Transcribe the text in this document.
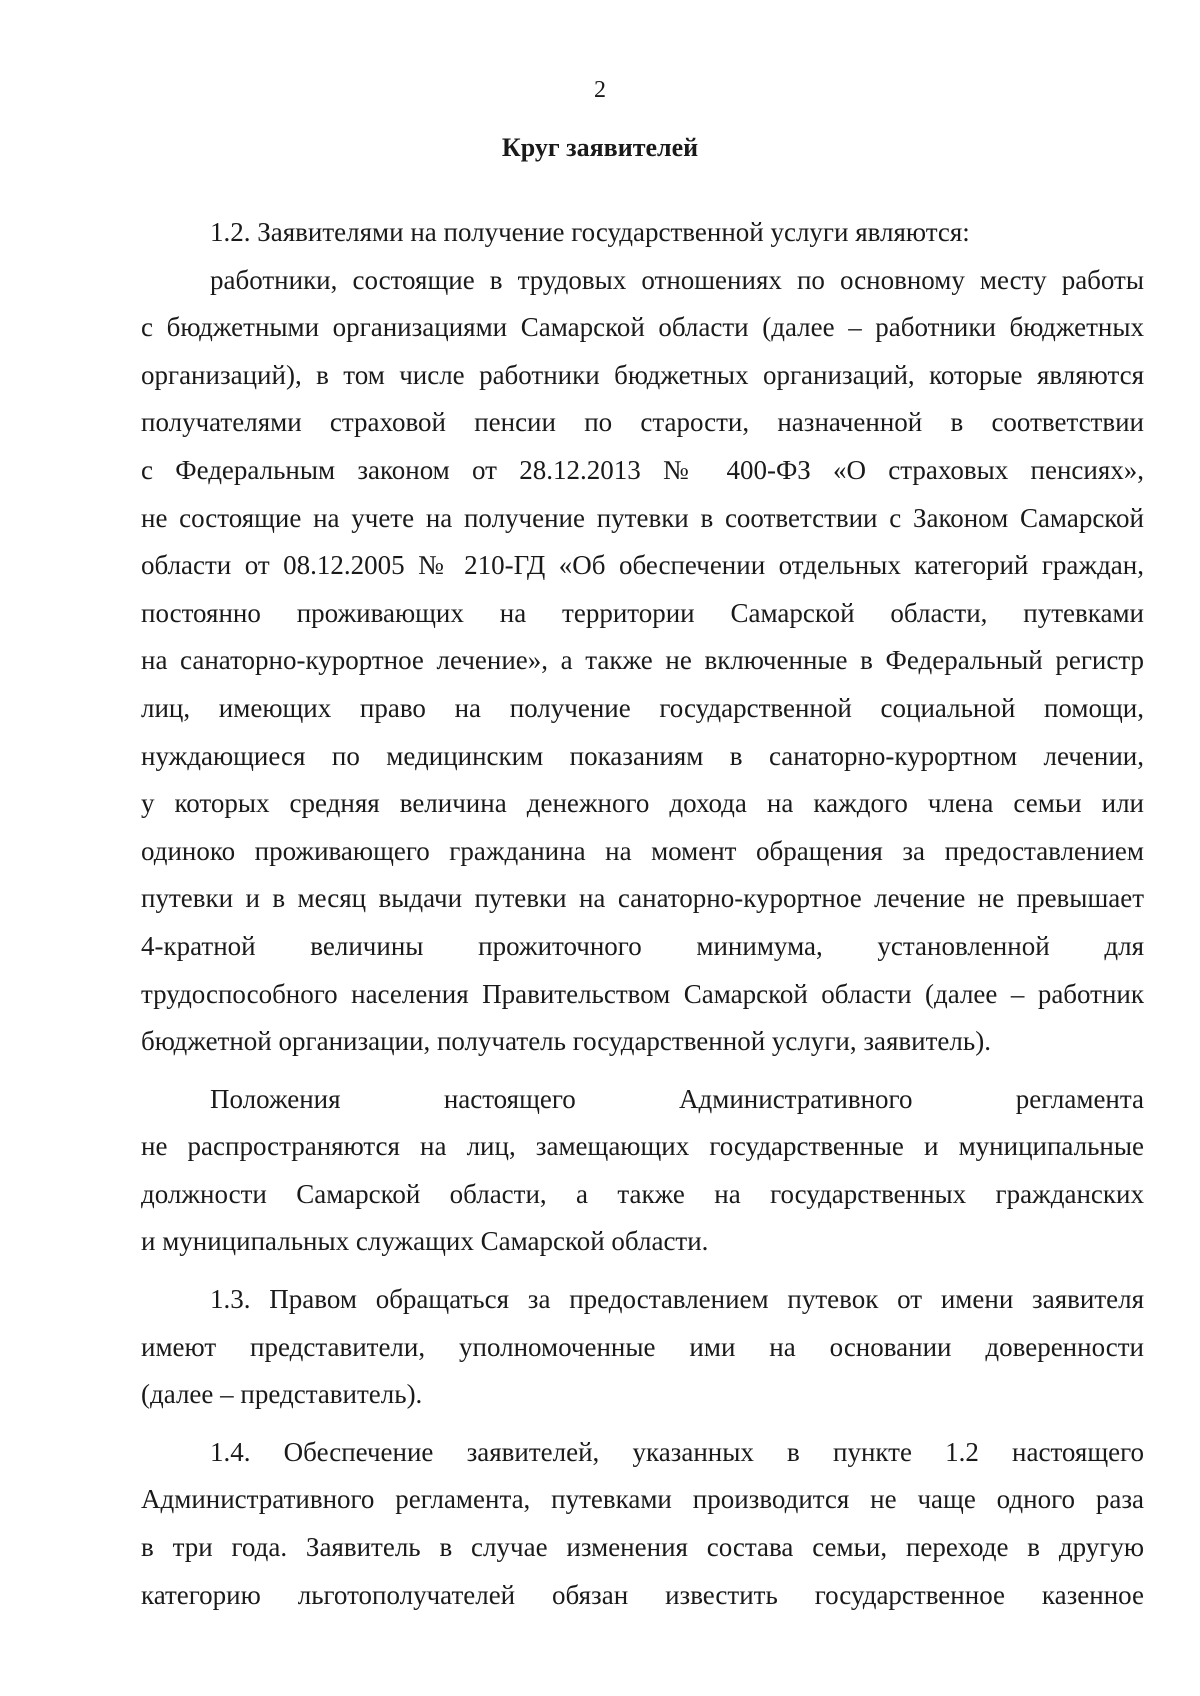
2
Круг заявителей
1.2. Заявителями на получение государственной услуги являются:
работники, состоящие в трудовых отношениях по основному месту работы
с бюджетными организациями Самарской области (далее – работники бюджетных
организаций), в том числе работники бюджетных организаций, которые являются
получателями страховой пенсии по старости, назначенной в соответствии
с Федеральным законом от 28.12.2013 № 400-ФЗ «О страховых пенсиях»,
не состоящие на учете на получение путевки в соответствии с Законом Самарской
области от 08.12.2005 № 210-ГД «Об обеспечении отдельных категорий граждан,
постоянно проживающих на территории Самарской области, путевками
на санаторно-курортное лечение», а также не включенные в Федеральный регистр
лиц, имеющих право на получение государственной социальной помощи,
нуждающиеся по медицинским показаниям в санаторно-курортном лечении,
у которых средняя величина денежного дохода на каждого члена семьи или
одиноко проживающего гражданина на момент обращения за предоставлением
путевки и в месяц выдачи путевки на санаторно-курортное лечение не превышает
4-кратной величины прожиточного минимума, установленной для
трудоспособного населения Правительством Самарской области (далее – работник
бюджетной организации, получатель государственной услуги, заявитель).
Положения настоящего Административного регламента
не распространяются на лиц, замещающих государственные и муниципальные
должности Самарской области, а также на государственных гражданских
и муниципальных служащих Самарской области.
1.3. Правом обращаться за предоставлением путевок от имени заявителя
имеют представители, уполномоченные ими на основании доверенности
(далее – представитель).
1.4. Обеспечение заявителей, указанных в пункте 1.2 настоящего
Административного регламента, путевками производится не чаще одного раза
в три года. Заявитель в случае изменения состава семьи, переходе в другую
категорию льготополучателей обязан известить государственное казенное
